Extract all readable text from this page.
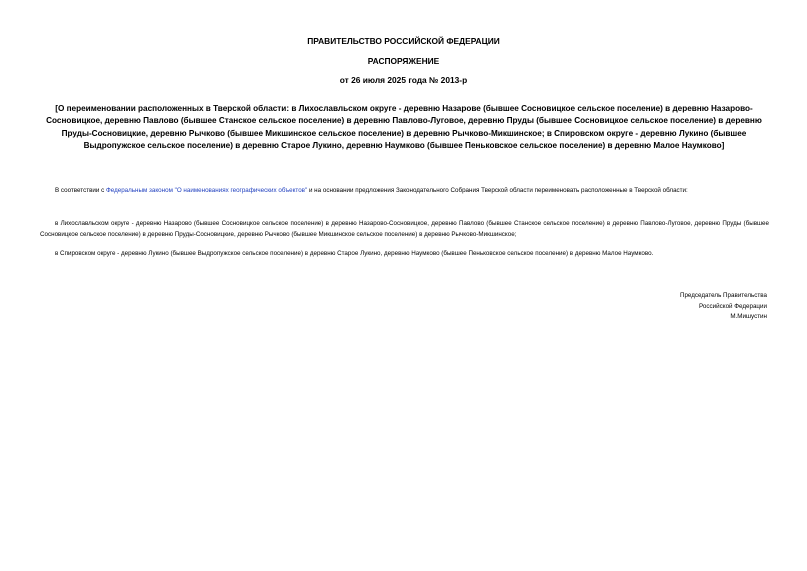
ПРАВИТЕЛЬСТВО РОССИЙСКОЙ ФЕДЕРАЦИИ

РАСПОРЯЖЕНИЕ

от 26 июля 2025 года № 2013-р

[О переименовании расположенных в Тверской области: в Лихославльском округе - деревню Назарове (бывшее Сосновицкое сельское поселение) в деревню Назарово-Сосновицкое, деревню Павлово (бывшее Станское сельское поселение) в деревню Павлово-Луговое, деревню Пруды (бывшее Сосновицкое сельское поселение) в деревню Пруды-Сосновицкие, деревню Рычково (бывшее Микшинское сельское поселение) в деревню Рычково-Микшинское; в Спировском округе - деревню Лукино (бывшее Выдропужское сельское поселение) в деревню Старое Лукино, деревню Наумково (бывшее Пеньковское сельское поселение) в деревню Малое Наумково]

В соответствии с Федеральным законом "О наименованиях географических объектов" и на основании предложения Законодательного Собрания Тверской области переименовать расположенные в Тверской области:

в Лихославльском округе - деревню Назарово (бывшее Сосновицкое сельское поселение) в деревню Назарово-Сосновицкое, деревню Павлово (бывшее Станское сельское поселение) в деревню Павлово-Луговое, деревню Пруды (бывшее Сосновицкое сельское поселение) в деревню Пруды-Сосновицкие, деревню Рычково (бывшее Микшинское сельское поселение) в деревню Рычково-Микшинское;

в Спировском округе - деревню Лукино (бывшее Выдропужское сельское поселение) в деревню Старое Лукино, деревню Наумково (бывшее Пеньковское сельское поселение) в деревню Малое Наумково.

Председатель Правительства
Российской Федерации
М.Мишустин
